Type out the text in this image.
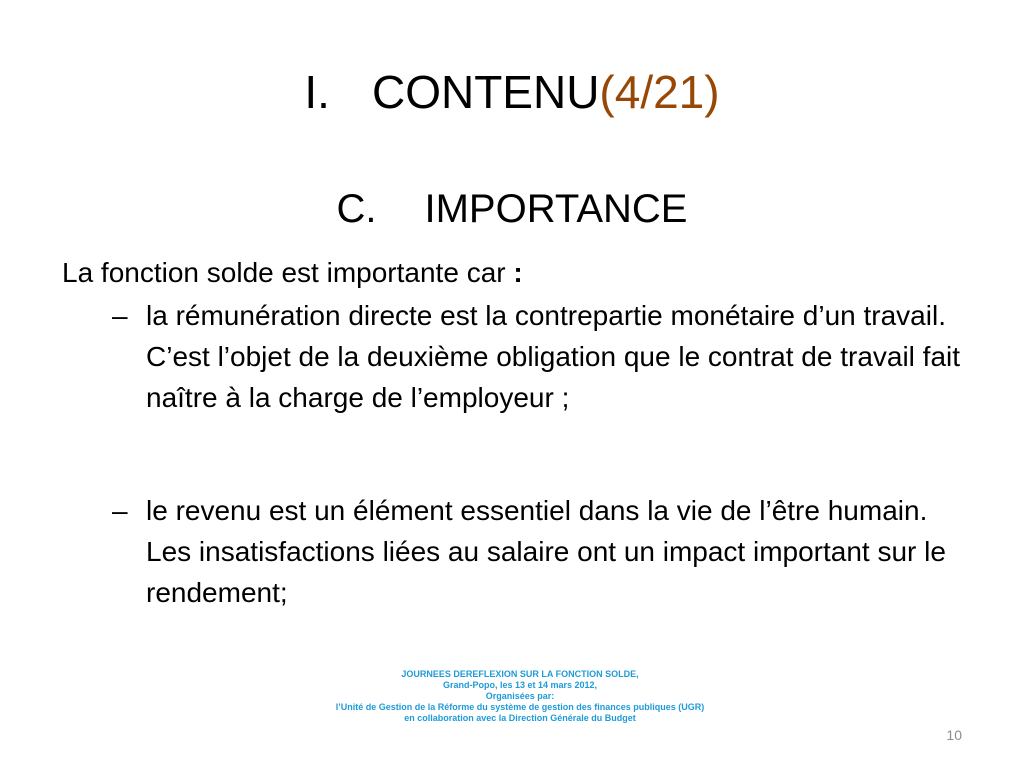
I. CONTENU(4/21)
C. IMPORTANCE
La fonction solde est importante car :
– la rémunération directe est la contrepartie monétaire d’un travail. C’est l’objet de la deuxième obligation que le contrat de travail fait naître à la charge de l’employeur ;
– le revenu est un élément essentiel dans la vie de l’être humain. Les insatisfactions liées au salaire ont un impact important sur le rendement;
JOURNEES DEREFLEXION SUR LA FONCTION SOLDE,
Grand-Popo, les 13 et 14 mars 2012,
Organisées par:
l’Unité de Gestion de la Réforme du système de gestion des finances publiques (UGR)
en collaboration avec la Direction Générale du Budget
10
